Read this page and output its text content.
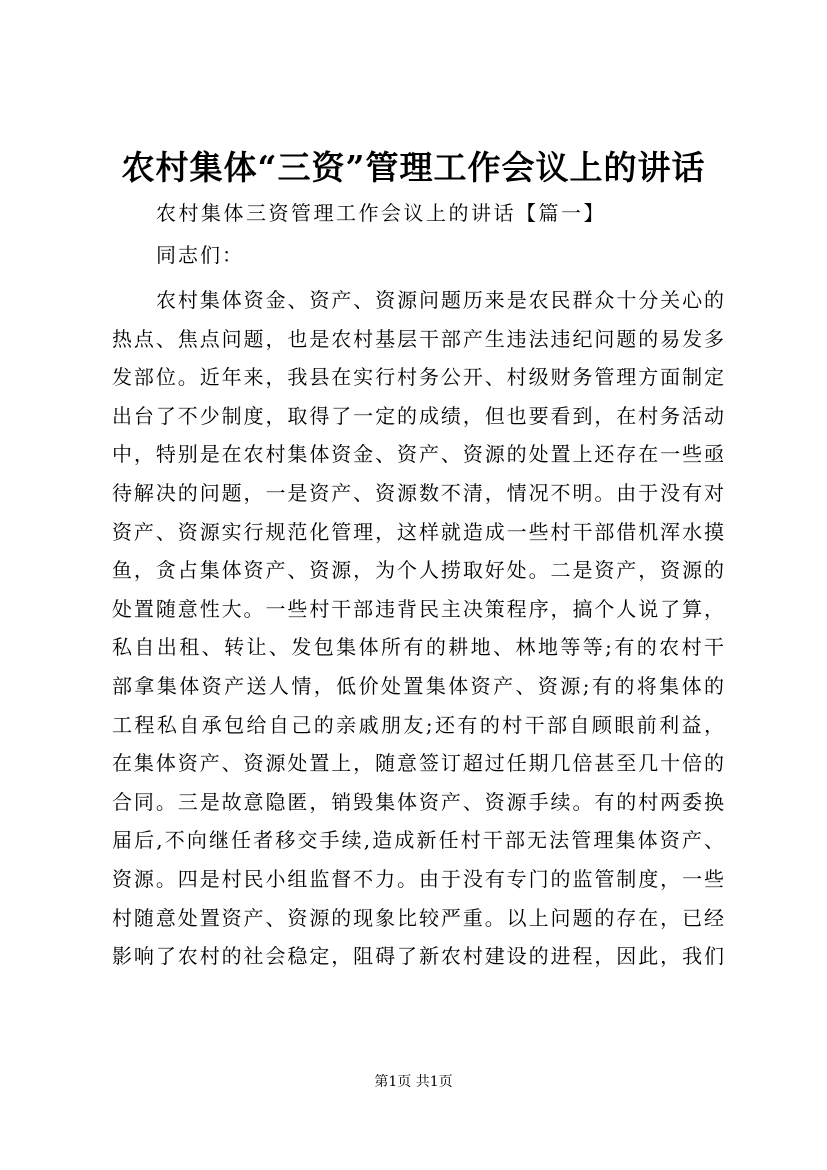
农村集体“三资”管理工作会议上的讲话
农村集体三资管理工作会议上的讲话【篇一】
同志们：
农村集体资金、资产、资源问题历来是农民群众十分关心的
热点、焦点问题，也是农村基层干部产生违法违纪问题的易发多
发部位。近年来，我县在实行村务公开、村级财务管理方面制定
出台了不少制度，取得了一定的成绩，但也要看到，在村务活动
中，特别是在农村集体资金、资产、资源的处置上还存在一些亟
待解决的问题，一是资产、资源数不清，情况不明。由于没有对
资产、资源实行规范化管理，这样就造成一些村干部借机浑水摸
鱼，贪占集体资产、资源，为个人捞取好处。二是资产，资源的
处置随意性大。一些村干部违背民主决策程序，搞个人说了算，
私自出租、转让、发包集体所有的耕地、林地等等;有的农村干
部拿集体资产送人情，低价处置集体资产、资源;有的将集体的
工程私自承包给自己的亲戚朋友;还有的村干部自顾眼前利益，
在集体资产、资源处置上，随意签订超过任期几倍甚至几十倍的
合同。三是故意隐匿，销毁集体资产、资源手续。有的村两委换
届后,不向继任者移交手续,造成新任村干部无法管理集体资产、
资源。四是村民小组监督不力。由于没有专门的监管制度，一些
村随意处置资产、资源的现象比较严重。以上问题的存在，已经
影响了农村的社会稳定，阻碍了新农村建设的进程，因此，我们
第1页 共1页
